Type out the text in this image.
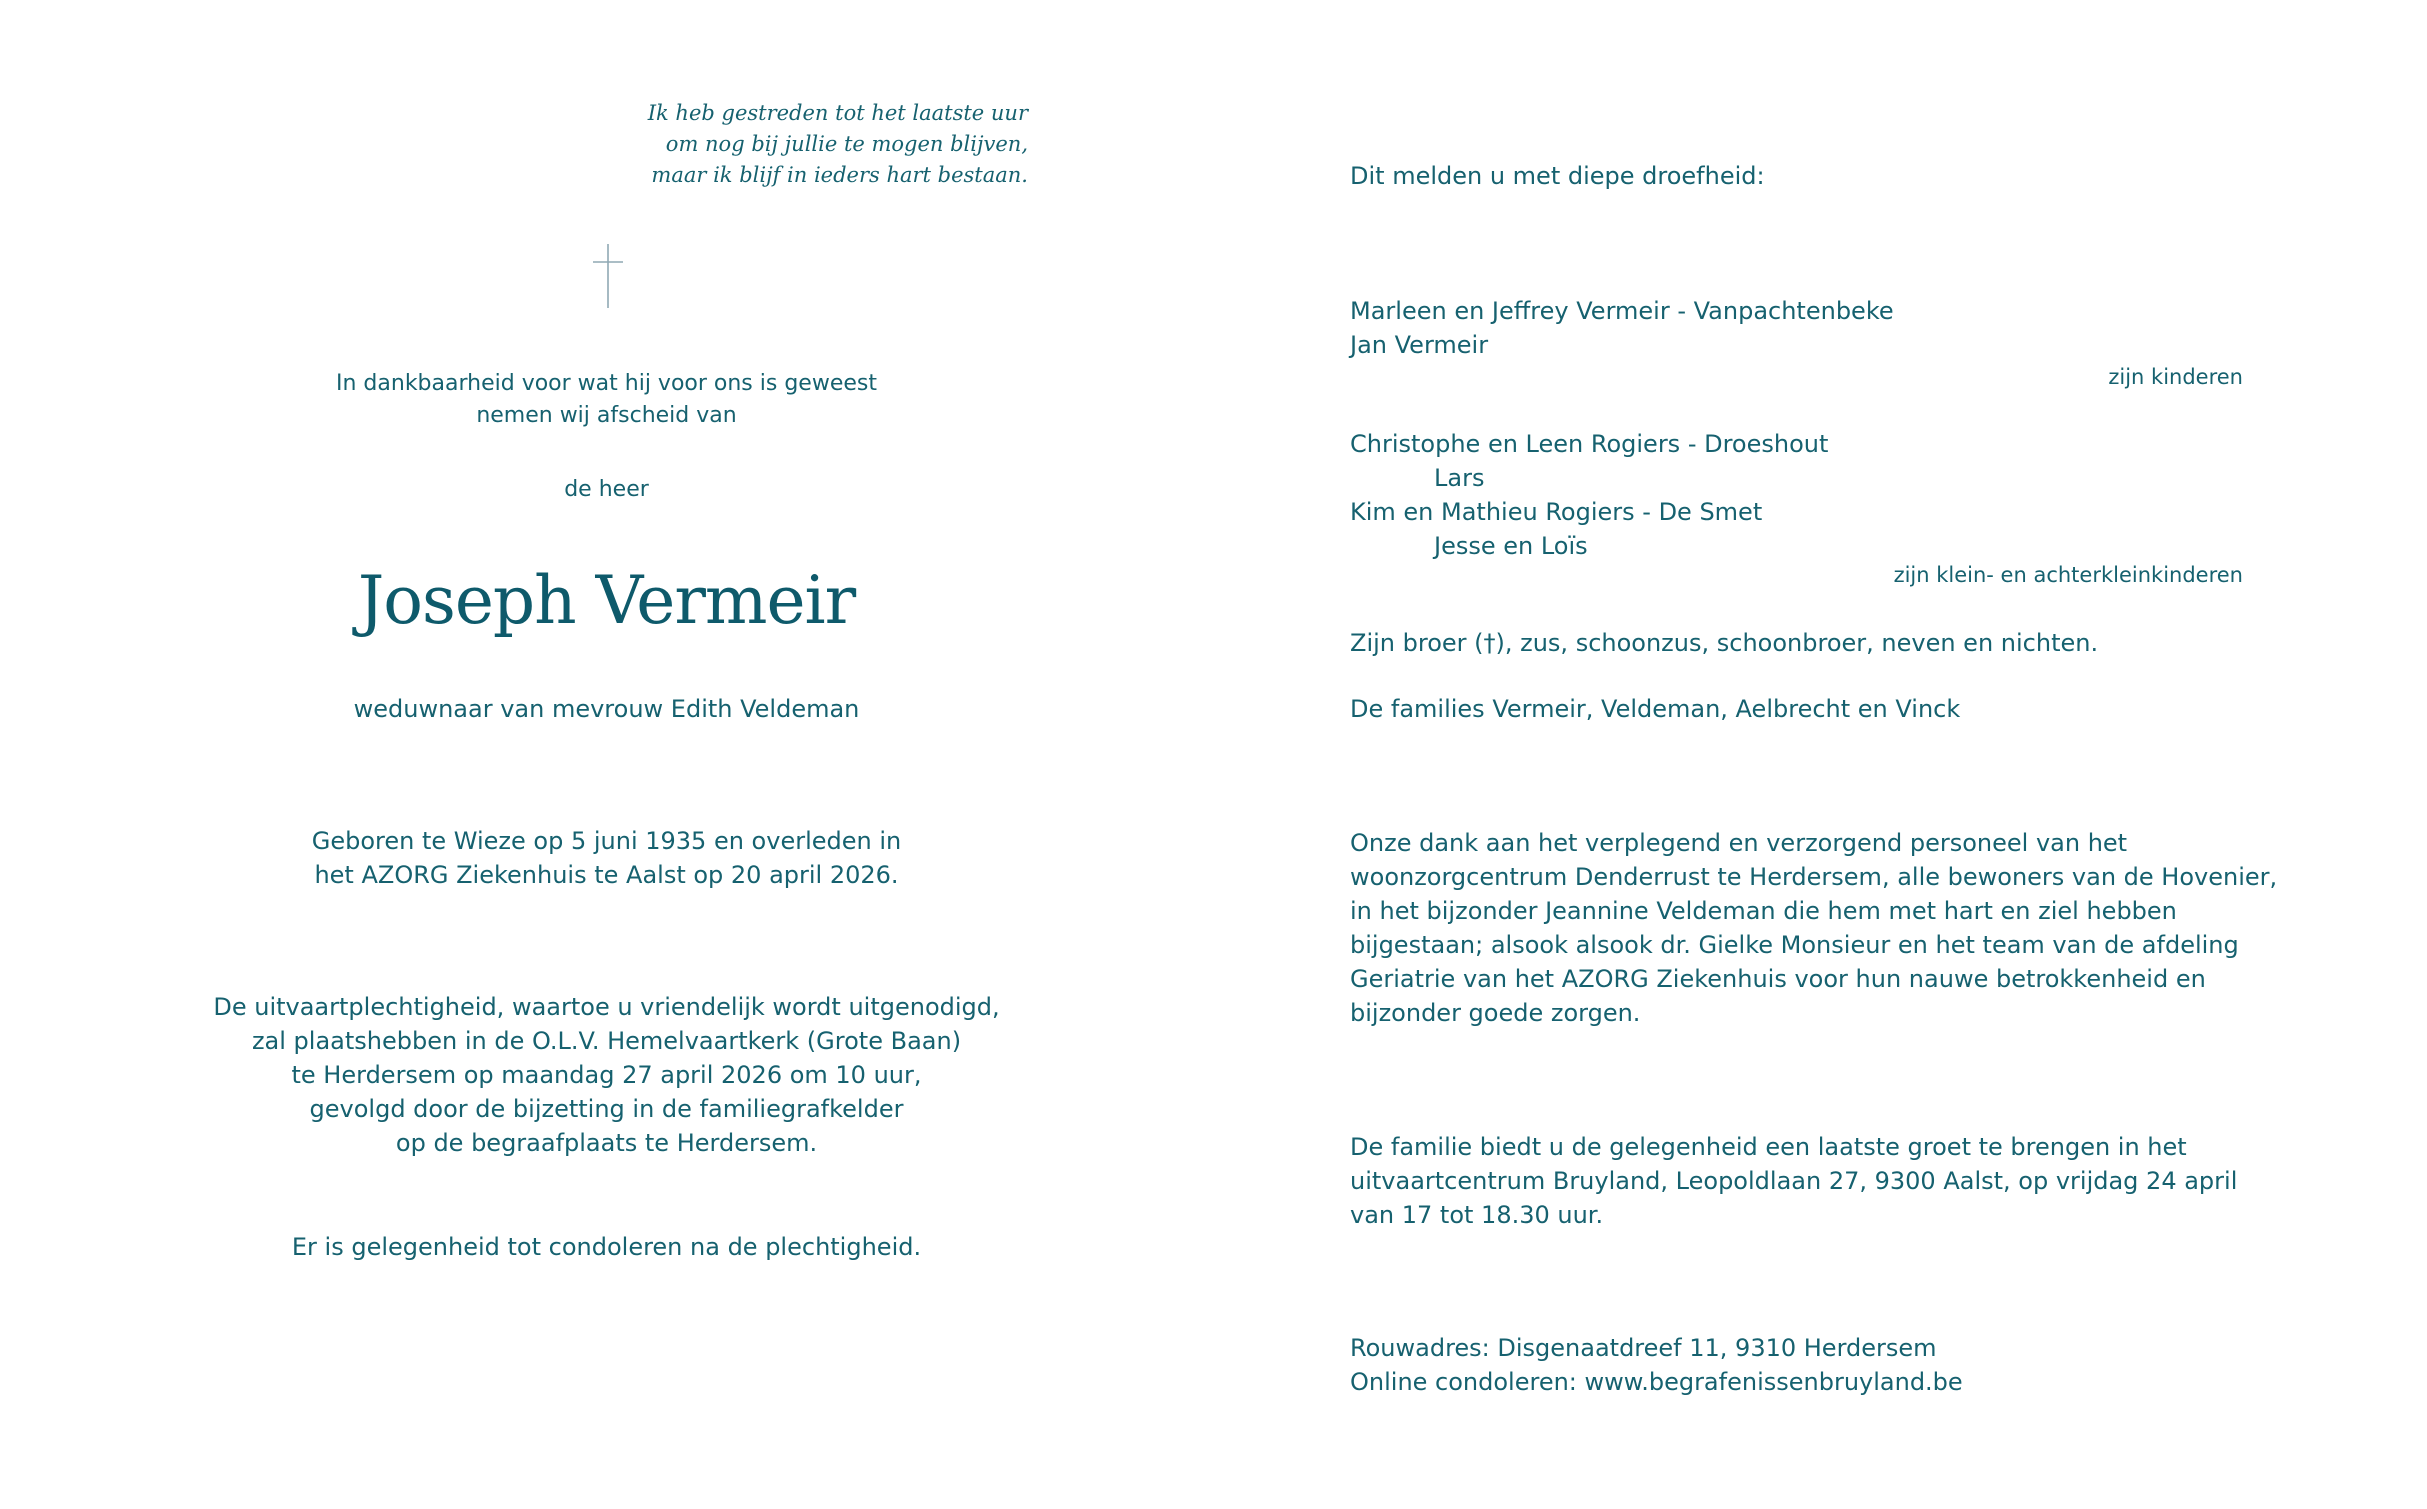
Ik heb gestreden tot het laatste uur
om nog bij jullie te mogen blijven,
maar ik blijf in ieders hart bestaan.
In dankbaarheid voor wat hij voor ons is geweest
nemen wij afscheid van
de heer
Joseph Vermeir
weduwnaar van mevrouw Edith Veldeman
Geboren te Wieze op 5 juni 1935 en overleden in
het AZORG Ziekenhuis te Aalst op 20 april 2026.
De uitvaartplechtigheid, waartoe u vriendelijk wordt uitgenodigd,
zal plaatshebben in de O.L.V. Hemelvaartkerk (Grote Baan)
te Herdersem op maandag 27 april 2026 om 10 uur,
gevolgd door de bijzetting in de familiegrafkelder
op de begraafplaats te Herdersem.
Er is gelegenheid tot condoleren na de plechtigheid.
Dit melden u met diepe droefheid:
Marleen en Jeffrey Vermeir - Vanpachtenbeke
Jan Vermeir
zijn kinderen
Christophe en Leen Rogiers - Droeshout
Lars
Kim en Mathieu Rogiers - De Smet
Jesse en Loïs
zijn klein- en achterkleinkinderen
Zijn broer (†), zus, schoonzus, schoonbroer, neven en nichten.
De families Vermeir, Veldeman, Aelbrecht en Vinck
Onze dank aan het verplegend en verzorgend personeel van het
woonzorgcentrum Denderrust te Herdersem, alle bewoners van de Hovenier,
in het bijzonder Jeannine Veldeman die hem met hart en ziel hebben
bijgestaan; alsook alsook dr. Gielke Monsieur en het team van de afdeling
Geriatrie van het AZORG Ziekenhuis voor hun nauwe betrokkenheid en
bijzonder goede zorgen.
De familie biedt u de gelegenheid een laatste groet te brengen in het
uitvaartcentrum Bruyland, Leopoldlaan 27, 9300 Aalst, op vrijdag 24 april
van 17 tot 18.30 uur.
Rouwadres: Disgenaatdreef 11, 9310 Herdersem
Online condoleren: www.begrafenissenbruyland.be
